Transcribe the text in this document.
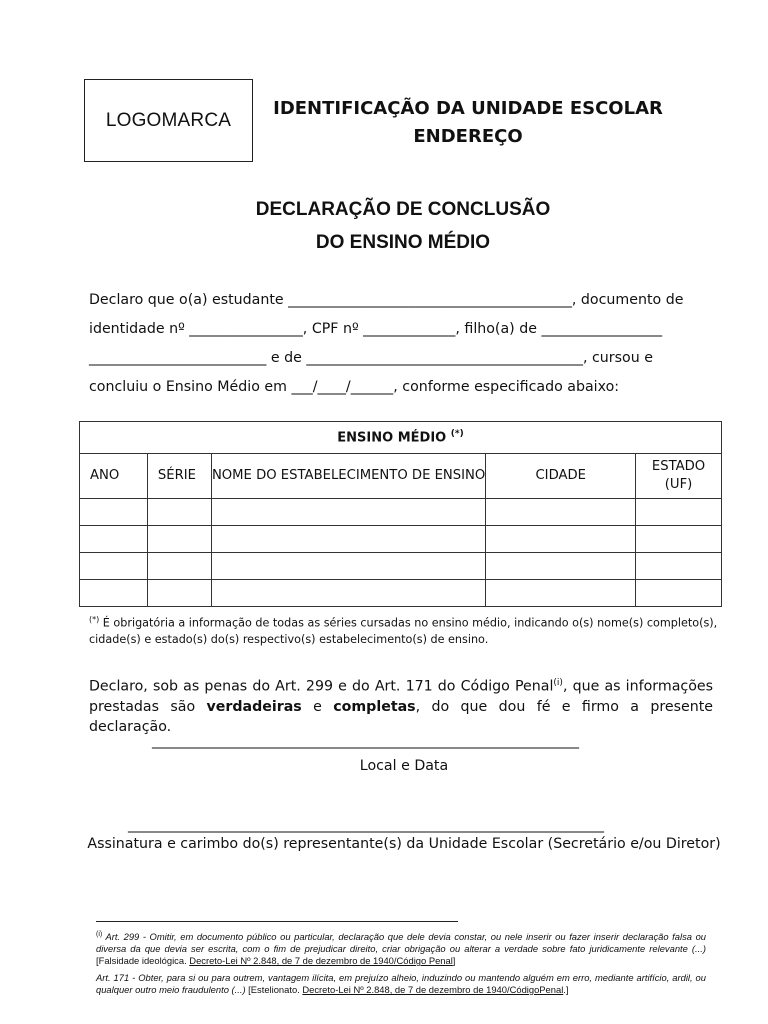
LOGOMARCA
IDENTIFICAÇÃO DA UNIDADE ESCOLAR
ENDEREÇO
DECLARAÇÃO DE CONCLUSÃO
DO ENSINO MÉDIO
Declaro que o(a) estudante ________________________________________, documento de
identidade nº ________________, CPF nº _____________, filho(a) de _________________
_________________________ e de _______________________________________, cursou e
concluiu o Ensino Médio em ___/____/______, conforme especificado abaixo:
ENSINO MÉDIO (*)
ANO	SÉRIE	NOME DO ESTABELECIMENTO DE ENSINO	CIDADE	ESTADO (UF)

(*) É obrigatória a informação de todas as séries cursadas no ensino médio, indicando o(s) nome(s) completo(s), cidade(s) e estado(s) do(s) respectivo(s) estabelecimento(s) de ensino.
Declaro, sob as penas do Art. 299 e do Art. 171 do Código Penal$^{(i)}$, que as informações prestadas são verdadeiras e completas, do que dou fé e firmo a presente declaração.
_____________________________________________________________
Local e Data
____________________________________________________________________
Assinatura e carimbo do(s) representante(s) da Unidade Escolar (Secretário e/ou Diretor)
$^{(i)}$ Art. 299 - Omitir, em documento público ou particular, declaração que dele devia constar, ou nele inserir ou fazer inserir declaração falsa ou diversa da que devia ser escrita, com o fim de prejudicar direito, criar obrigação ou alterar a verdade sobre fato juridicamente relevante (...) [Falsidade ideológica. Decreto-Lei Nº 2.848, de 7 de dezembro de 1940/Código Penal]
Art. 171 - Obter, para si ou para outrem, vantagem ilícita, em prejuízo alheio, induzindo ou mantendo alguém em erro, mediante artifício, ardil, ou qualquer outro meio fraudulento (...) [Estelionato. Decreto-Lei Nº 2.848, de 7 de dezembro de 1940/CódigoPenal.]
